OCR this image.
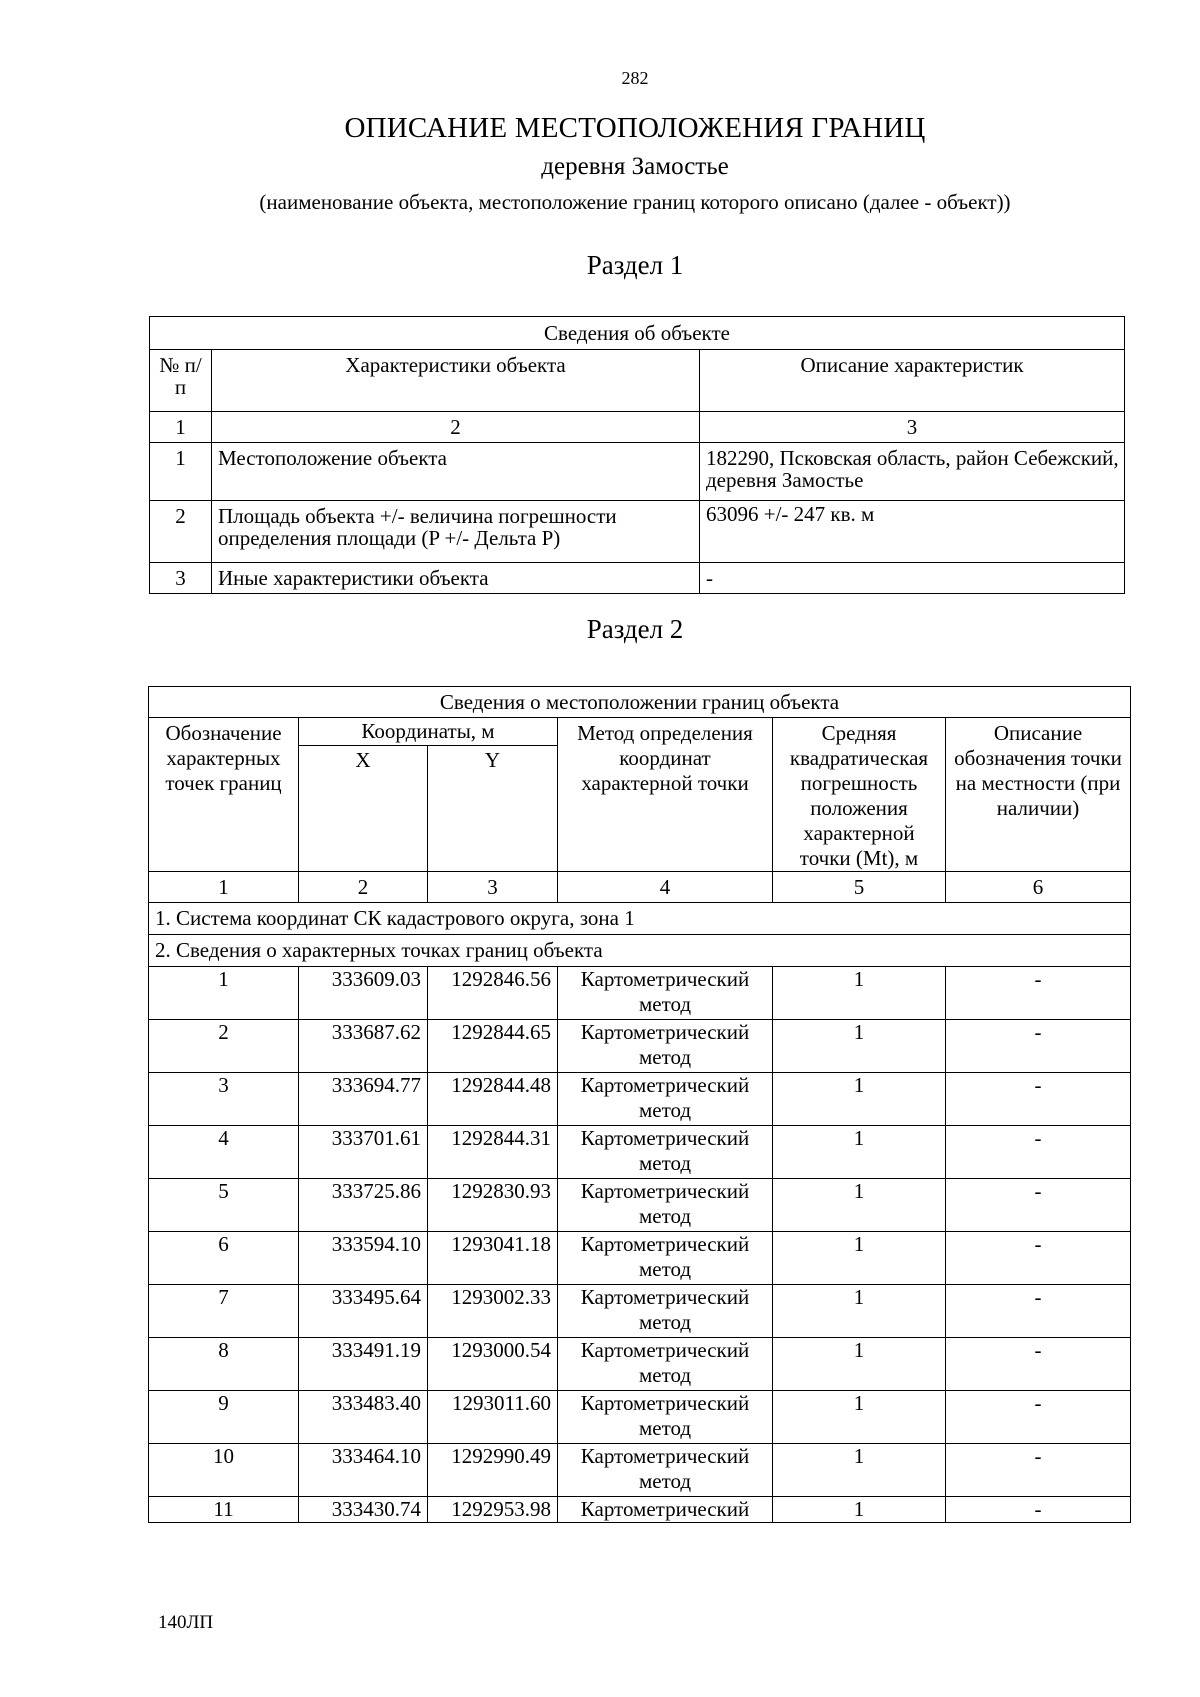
282
ОПИСАНИЕ МЕСТОПОЛОЖЕНИЯ ГРАНИЦ
деревня Замостье
(наименование объекта, местоположение границ которого описано (далее - объект))
Раздел 1
Сведения об объекте		
№ п/п	Характеристики объекта	Описание характеристик
1	2	3
1	Местоположение объекта	182290, Псковская область, район Себежский, деревня Замостье
2	Площадь объекта +/- величина погрешности определения площади (P +/- Дельта P)	63096 +/- 247 кв. м
3	Иные характеристики объекта	-
Раздел 2
Сведения о местоположении границ объекта					
Обозначение характерных точек границ	Координаты, м		Метод определения координат характерной точки	Средняя квадратическая погрешность положения характерной точки (Mt), м	Описание обозначения точки на местности (при наличии)
	X	Y			
1	2	3	4	5	6
1. Система координат СК кадастрового округа, зона 1					
2. Сведения о характерных точках границ объекта					
1	333609.03	1292846.56	Картометрический метод	1	-
2	333687.62	1292844.65	Картометрический метод	1	-
3	333694.77	1292844.48	Картометрический метод	1	-
4	333701.61	1292844.31	Картометрический метод	1	-
5	333725.86	1292830.93	Картометрический метод	1	-
6	333594.10	1293041.18	Картометрический метод	1	-
7	333495.64	1293002.33	Картометрический метод	1	-
8	333491.19	1293000.54	Картометрический метод	1	-
9	333483.40	1293011.60	Картометрический метод	1	-
10	333464.10	1292990.49	Картометрический метод	1	-
11	333430.74	1292953.98	Картометрический	1	-
140ЛП
